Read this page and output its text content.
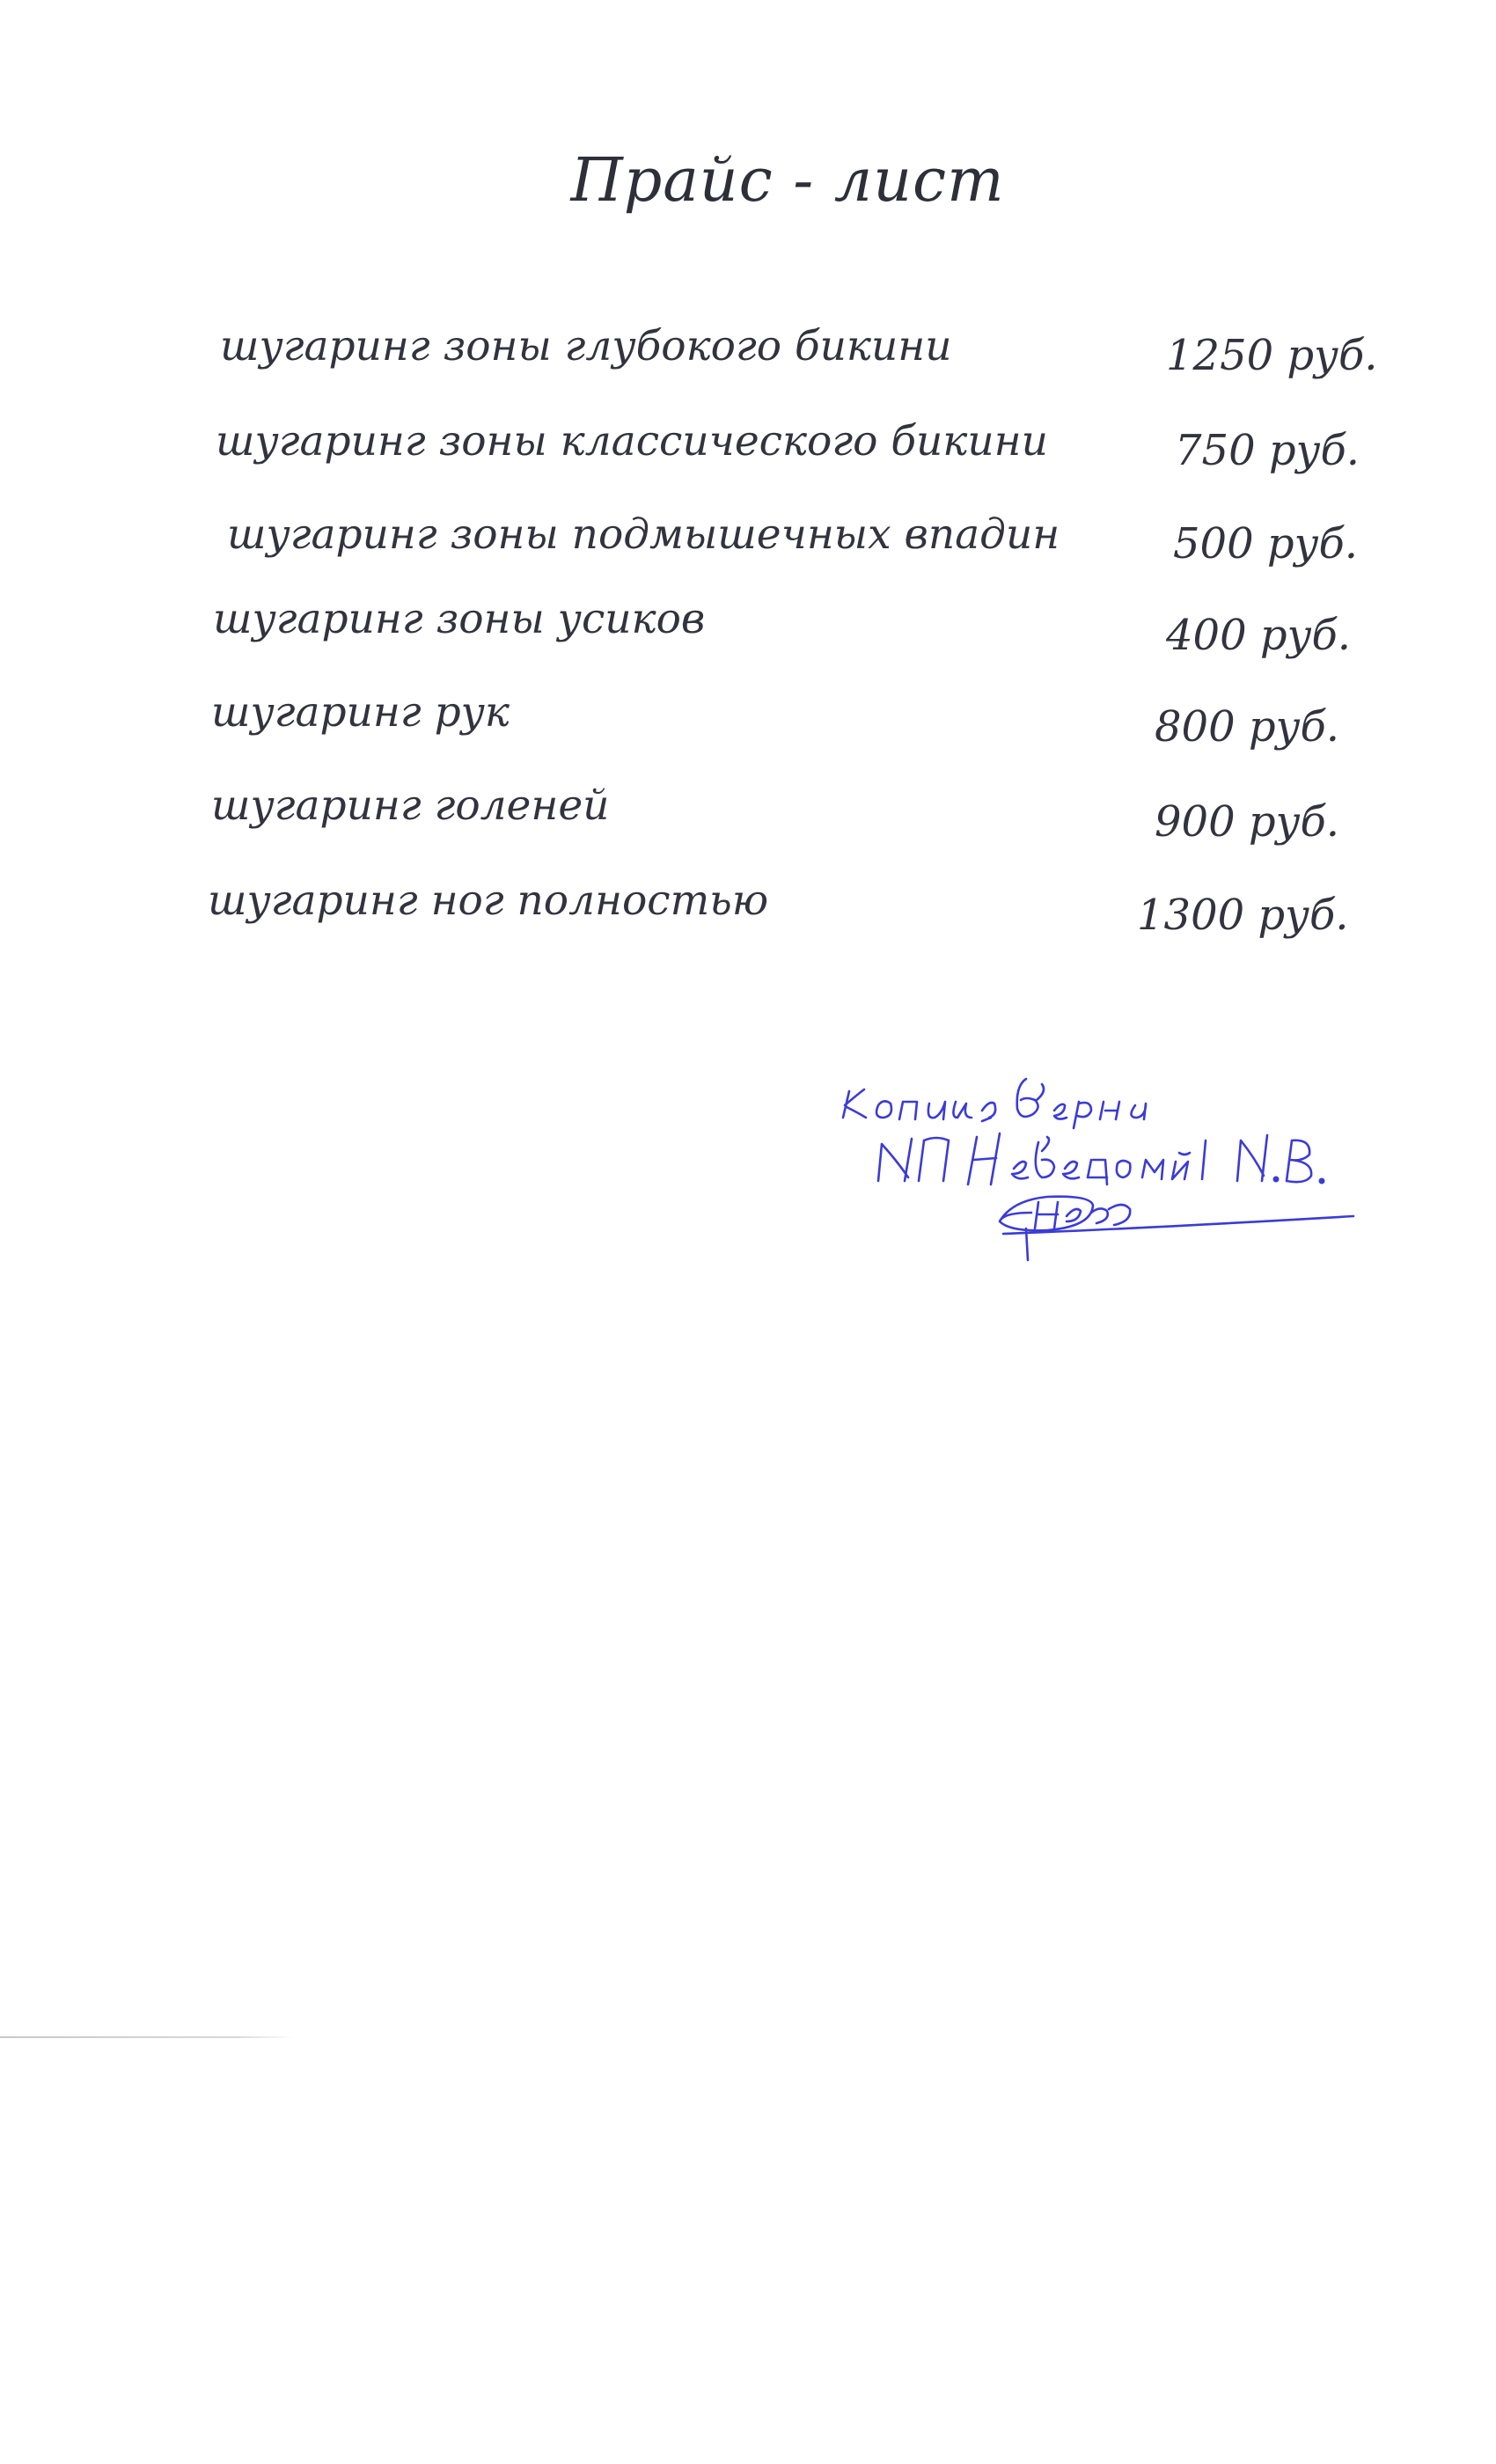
Прайс - лист
шугаринг зоны глубокого бикини	1250 руб.
шугаринг зоны классического бикини	750 руб.
шугаринг зоны подмышечных впадин	500 руб.
шугаринг зоны усиков	400 руб.
шугаринг рук	800 руб.
шугаринг голеней	900 руб.
шугаринг ног полностью	1300 руб.
